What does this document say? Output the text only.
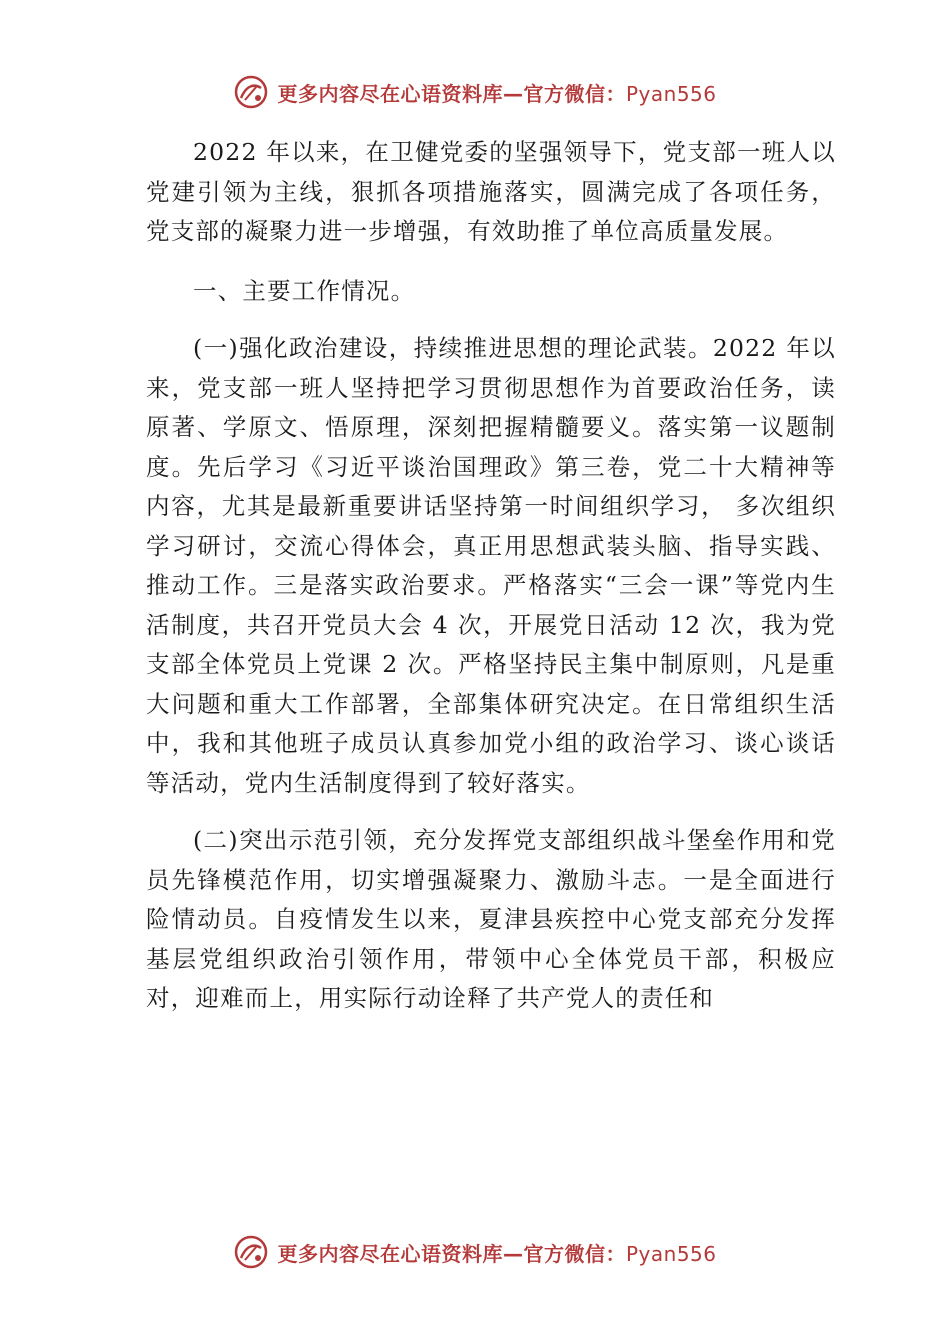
更多内容尽在心语资料库—官方微信：Pyan556

2022 年以来，在卫健党委的坚强领导下，党支部一班人以党建引领为主线，狠抓各项措施落实，圆满完成了各项任务，党支部的凝聚力进一步增强，有效助推了单位高质量发展。

一、主要工作情况。

(一)强化政治建设，持续推进思想的理论武装。2022 年以来，党支部一班人坚持把学习贯彻思想作为首要政治任务，读原著、学原文、悟原理，深刻把握精髓要义。落实第一议题制度。先后学习《习近平谈治国理政》第三卷，党二十大精神等内容，尤其是最新重要讲话坚持第一时间组织学习， 多次组织学习研讨，交流心得体会，真正用思想武装头脑、指导实践、推动工作。三是落实政治要求。严格落实“三会一课”等党内生活制度，共召开党员大会 4 次，开展党日活动 12 次，我为党支部全体党员上党课 2 次。严格坚持民主集中制原则，凡是重大问题和重大工作部署，全部集体研究决定。在日常组织生活中，我和其他班子成员认真参加党小组的政治学习、谈心谈话等活动，党内生活制度得到了较好落实。

(二)突出示范引领，充分发挥党支部组织战斗堡垒作用和党员先锋模范作用，切实增强凝聚力、激励斗志。一是全面进行险情动员。自疫情发生以来，夏津县疾控中心党支部充分发挥基层党组织政治引领作用，带领中心全体党员干部，积极应对，迎难而上，用实际行动诠释了共产党人的责任和

更多内容尽在心语资料库—官方微信：Pyan556
